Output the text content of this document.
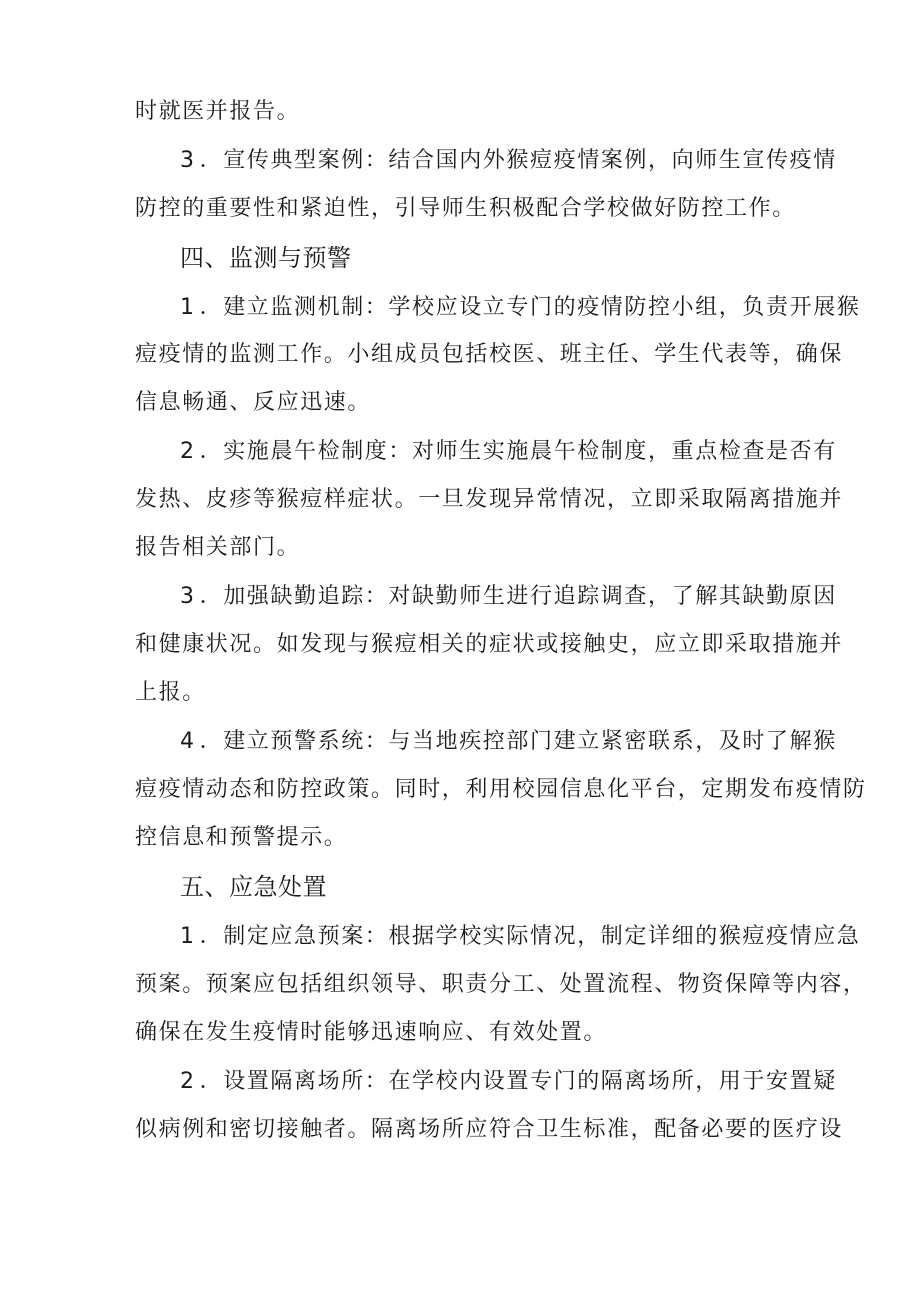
时就医并报告。
3 ．宣传典型案例：结合国内外猴痘疫情案例，向师生宣传疫情
防控的重要性和紧迫性，引导师生积极配合学校做好防控工作。
四、监测与预警
1 ．建立监测机制：学校应设立专门的疫情防控小组，负责开展猴
痘疫情的监测工作。小组成员包括校医、班主任、学生代表等，确保
信息畅通、反应迅速。
2 ．实施晨午检制度：对师生实施晨午检制度，重点检查是否有
发热、皮疹等猴痘样症状。一旦发现异常情况，立即采取隔离措施并
报告相关部门。
3 ．加强缺勤追踪：对缺勤师生进行追踪调查，了解其缺勤原因
和健康状况。如发现与猴痘相关的症状或接触史，应立即采取措施并
上报。
4 ．建立预警系统：与当地疾控部门建立紧密联系，及时了解猴
痘疫情动态和防控政策。同时，利用校园信息化平台，定期发布疫情防
控信息和预警提示。
五、应急处置
1 ．制定应急预案：根据学校实际情况，制定详细的猴痘疫情应急
预案。预案应包括组织领导、职责分工、处置流程、物资保障等内容，
确保在发生疫情时能够迅速响应、有效处置。
2 ．设置隔离场所：在学校内设置专门的隔离场所，用于安置疑
似病例和密切接触者。隔离场所应符合卫生标准，配备必要的医疗设
